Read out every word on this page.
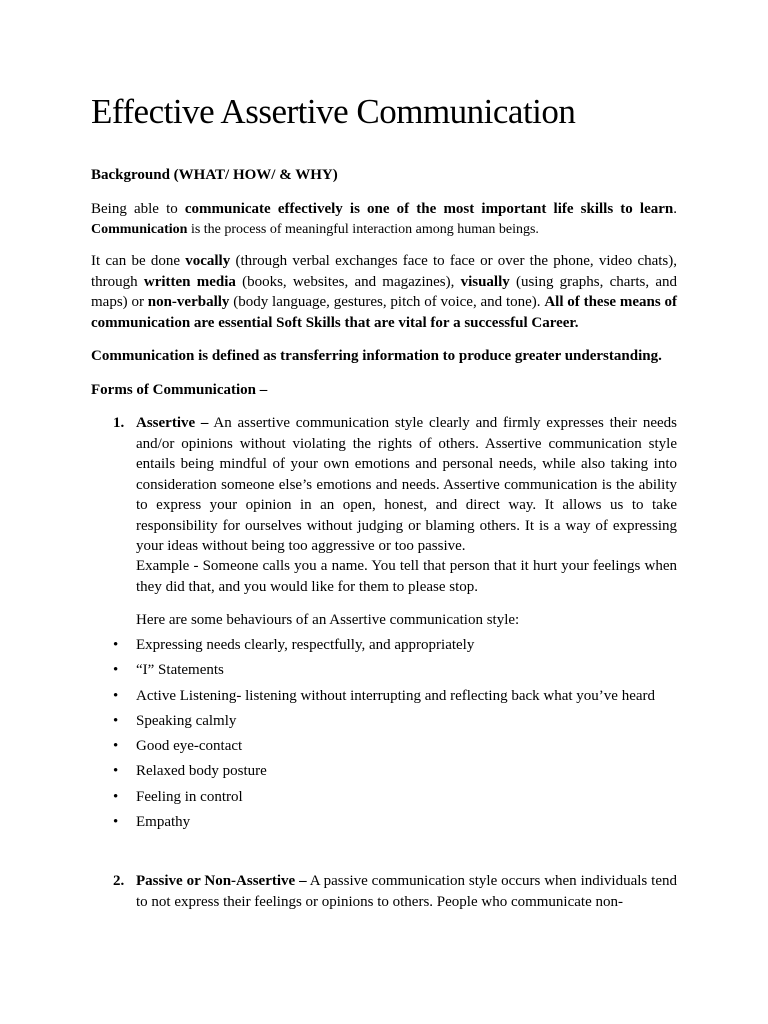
Effective Assertive Communication

Background (WHAT/ HOW/ & WHY)

Being able to communicate effectively is one of the most important life skills to learn.
Communication is the process of meaningful interaction among human beings.

It can be done vocally (through verbal exchanges face to face or over the phone, video chats), through written media (books, websites, and magazines), visually (using graphs, charts, and maps) or non-verbally (body language, gestures, pitch of voice, and tone). All of these means of communication are essential Soft Skills that are vital for a successful Career.

Communication is defined as transferring information to produce greater understanding.

Forms of Communication –

1. Assertive – An assertive communication style clearly and firmly expresses their needs and/or opinions without violating the rights of others. Assertive communication style entails being mindful of your own emotions and personal needs, while also taking into consideration someone else’s emotions and needs. Assertive communication is the ability to express your opinion in an open, honest, and direct way. It allows us to take responsibility for ourselves without judging or blaming others. It is a way of expressing your ideas without being too aggressive or too passive.
Example - Someone calls you a name. You tell that person that it hurt your feelings when they did that, and you would like for them to please stop.
Here are some behaviours of an Assertive communication style:
• Expressing needs clearly, respectfully, and appropriately
• “I” Statements
• Active Listening- listening without interrupting and reflecting back what you’ve heard
• Speaking calmly
• Good eye-contact
• Relaxed body posture
• Feeling in control
• Empathy
2. Passive or Non-Assertive – A passive communication style occurs when individuals tend to not express their feelings or opinions to others. People who communicate non-
